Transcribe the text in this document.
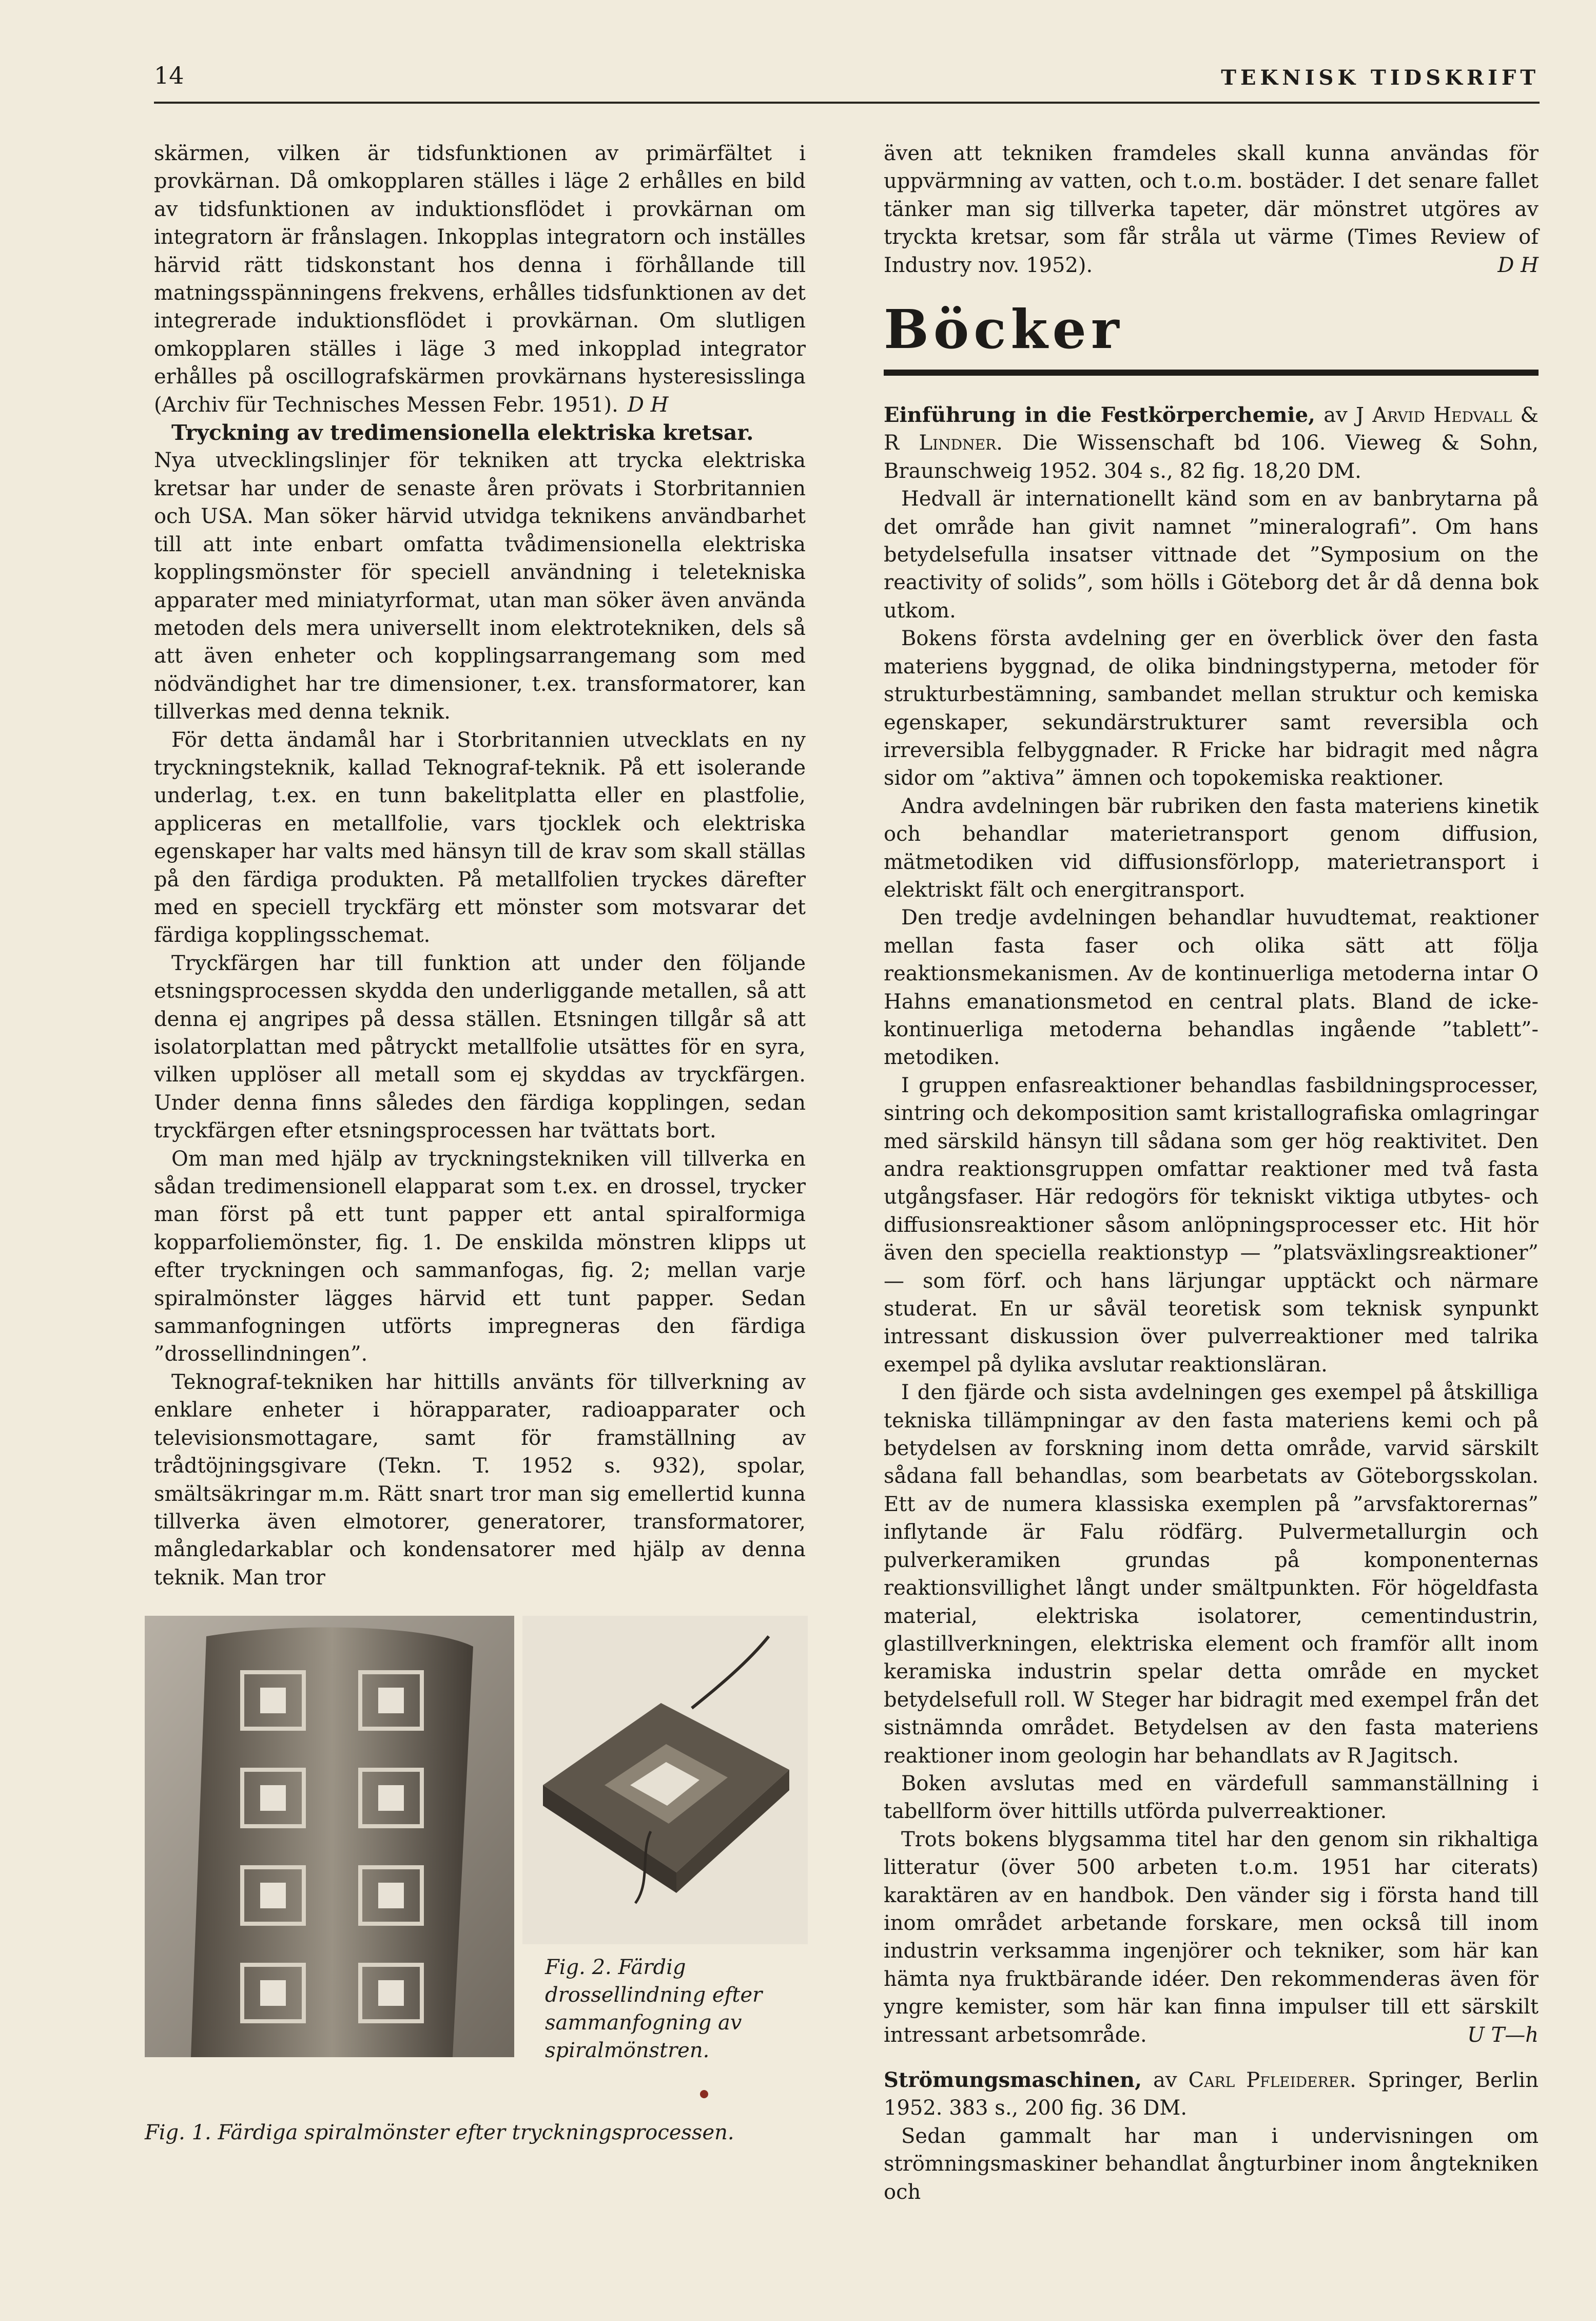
14	TEKNISK TIDSKRIFT

skärmen, vilken är tidsfunktionen av primärfältet i provkärnan. Då omkopplaren ställes i läge 2 erhålles en bild av tidsfunktionen av induktionsflödet i provkärnan om integratorn är frånslagen. Inkopplas integratorn och inställes härvid rätt tidskonstant hos denna i förhållande till matningsspänningens frekvens, erhålles tidsfunktionen av det integrerade induktionsflödet i provkärnan. Om slutligen omkopplaren ställes i läge 3 med inkopplad integrator erhålles på oscillografskärmen provkärnans hysteresisslinga (Archiv für Technisches Messen Febr. 1951). D H

Tryckning av tredimensionella elektriska kretsar.

Nya utvecklingslinjer för tekniken att trycka elektriska kretsar har under de senaste åren prövats i Storbritannien och USA. Man söker härvid utvidga teknikens användbarhet till att inte enbart omfatta tvådimensionella elektriska kopplingsmönster för speciell användning i teletekniska apparater med miniatyrformat, utan man söker även använda metoden dels mera universellt inom elektrotekniken, dels så att även enheter och kopplingsarrangemang som med nödvändighet har tre dimensioner, t.ex. transformatorer, kan tillverkas med denna teknik.

För detta ändamål har i Storbritannien utvecklats en ny tryckningsteknik, kallad Teknograf-teknik. På ett isolerande underlag, t.ex. en tunn bakelitplatta eller en plastfolie, appliceras en metallfolie, vars tjocklek och elektriska egenskaper har valts med hänsyn till de krav som skall ställas på den färdiga produkten. På metallfolien tryckes därefter med en speciell tryckfärg ett mönster som motsvarar det färdiga kopplingsschemat.

Tryckfärgen har till funktion att under den följande etsningsprocessen skydda den underliggande metallen, så att denna ej angripes på dessa ställen. Etsningen tillgår så att isolatorplattan med påtryckt metallfolie utsättes för en syra, vilken upplöser all metall som ej skyddas av tryckfärgen. Under denna finns således den färdiga kopplingen, sedan tryckfärgen efter etsningsprocessen har tvättats bort.

Om man med hjälp av tryckningstekniken vill tillverka en sådan tredimensionell elapparat som t.ex. en drossel, trycker man först på ett tunt papper ett antal spiralformiga kopparfoliemönster, fig. 1. De enskilda mönstren klipps ut efter tryckningen och sammanfogas, fig. 2; mellan varje spiralmönster lägges härvid ett tunt papper. Sedan sammanfogningen utförts impregneras den färdiga ”drossellindningen”.

Teknograf-tekniken har hittills använts för tillverkning av enklare enheter i hörapparater, radioapparater och televisionsmottagare, samt för framställning av trådtöjningsgivare (Tekn. T. 1952 s. 932), spolar, smältsäkringar m.m. Rätt snart tror man sig emellertid kunna tillverka även elmotorer, generatorer, transformatorer, mångledarkablar och kondensatorer med hjälp av denna teknik. Man tror

Fig. 2. Färdig drossellindning efter sammanfogning av spiralmönstren.
Fig. 1. Färdiga spiralmönster efter tryckningsprocessen.

även att tekniken framdeles skall kunna användas för uppvärmning av vatten, och t.o.m. bostäder. I det senare fallet tänker man sig tillverka tapeter, där mönstret utgöres av tryckta kretsar, som får stråla ut värme (Times Review of Industry nov. 1952).	D H

Böcker

Einführung in die Festkörperchemie, av J Arvid Hedvall & R Lindner. Die Wissenschaft bd 106. Vieweg & Sohn, Braunschweig 1952. 304 s., 82 fig. 18,20 DM.

Hedvall är internationellt känd som en av banbrytarna på det område han givit namnet ”mineralografi”. Om hans betydelsefulla insatser vittnade det ”Symposium on the reactivity of solids”, som hölls i Göteborg det år då denna bok utkom.

Bokens första avdelning ger en överblick över den fasta materiens byggnad, de olika bindningstyperna, metoder för strukturbestämning, sambandet mellan struktur och kemiska egenskaper, sekundärstrukturer samt reversibla och irreversibla felbyggnader. R Fricke har bidragit med några sidor om ”aktiva” ämnen och topokemiska reaktioner.

Andra avdelningen bär rubriken den fasta materiens kinetik och behandlar materietransport genom diffusion, mätmetodiken vid diffusionsförlopp, materietransport i elektriskt fält och energitransport.

Den tredje avdelningen behandlar huvudtemat, reaktioner mellan fasta faser och olika sätt att följa reaktionsmekanismen. Av de kontinuerliga metoderna intar O Hahns emanationsmetod en central plats. Bland de icke-kontinuerliga metoderna behandlas ingående ”tablett”-metodiken.

I gruppen enfasreaktioner behandlas fasbildningsprocesser, sintring och dekomposition samt kristallografiska omlagringar med särskild hänsyn till sådana som ger hög reaktivitet. Den andra reaktionsgruppen omfattar reaktioner med två fasta utgångsfaser. Här redogörs för tekniskt viktiga utbytes- och diffusionsreaktioner såsom anlöpningsprocesser etc. Hit hör även den speciella reaktionstyp — ”platsväxlingsreaktioner” — som förf. och hans lärjungar upptäckt och närmare studerat. En ur såväl teoretisk som teknisk synpunkt intressant diskussion över pulverreaktioner med talrika exempel på dylika avslutar reaktionsläran.

I den fjärde och sista avdelningen ges exempel på åtskilliga tekniska tillämpningar av den fasta materiens kemi och på betydelsen av forskning inom detta område, varvid särskilt sådana fall behandlas, som bearbetats av Göteborgsskolan. Ett av de numera klassiska exemplen på ”arvsfaktorernas” inflytande är Falu rödfärg. Pulvermetallurgin och pulverkeramiken grundas på komponenternas reaktionsvillighet långt under smältpunkten. För högeldfasta material, elektriska isolatorer, cementindustrin, glastillverkningen, elektriska element och framför allt inom keramiska industrin spelar detta område en mycket betydelsefull roll. W Steger har bidragit med exempel från det sistnämnda området. Betydelsen av den fasta materiens reaktioner inom geologin har behandlats av R Jagitsch.

Boken avslutas med en värdefull sammanställning i tabellform över hittills utförda pulverreaktioner.

Trots bokens blygsamma titel har den genom sin rikhaltiga litteratur (över 500 arbeten t.o.m. 1951 har citerats) karaktären av en handbok. Den vänder sig i första hand till inom området arbetande forskare, men också till inom industrin verksamma ingenjörer och tekniker, som här kan hämta nya fruktbärande idéer. Den rekommenderas även för yngre kemister, som här kan finna impulser till ett särskilt intressant arbetsområde.	U T—h

Strömungsmaschinen, av Carl Pfleiderer. Springer, Berlin 1952. 383 s., 200 fig. 36 DM.

Sedan gammalt har man i undervisningen om strömningsmaskiner behandlat ångturbiner inom ångtekniken och
